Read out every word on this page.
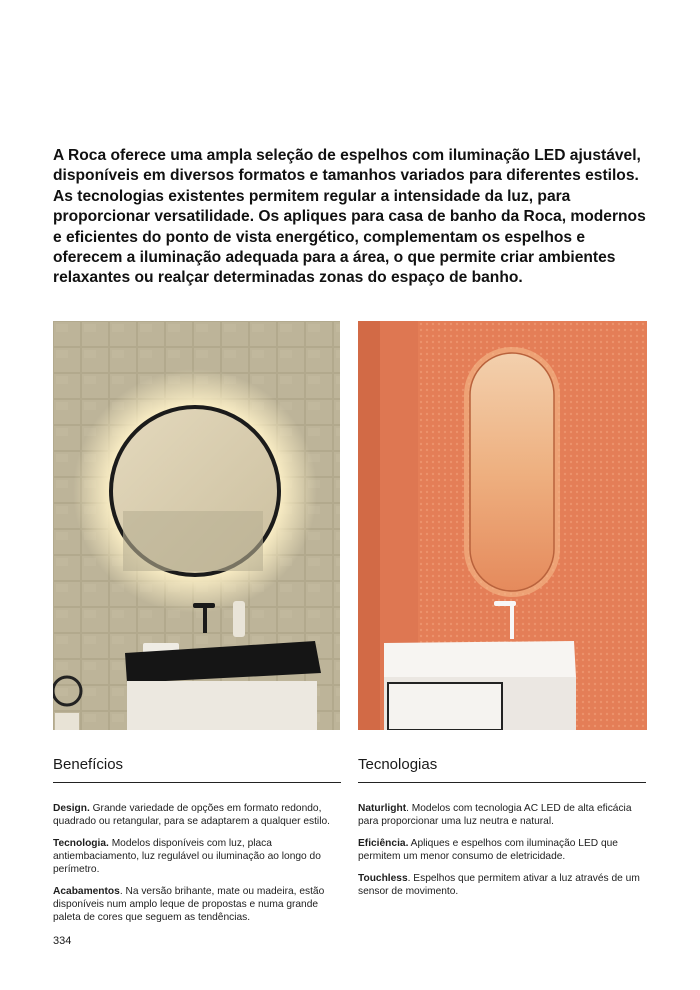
A Roca oferece uma ampla seleção de espelhos com iluminação LED ajustável, disponíveis em diversos formatos e tamanhos variados para diferentes estilos. As tecnologias existentes permitem regular a intensidade da luz, para proporcionar versatilidade. Os apliques para casa de banho da Roca, modernos e eficientes do ponto de vista energético, complementam os espelhos e oferecem a iluminação adequada para a área, o que permite criar ambientes relaxantes ou realçar determinadas zonas do espaço de banho.

Benefícios

Design. Grande variedade de opções em formato redondo, quadrado ou retangular, para se adaptarem a qualquer estilo.

Tecnologia. Modelos disponíveis com luz, placa antiembaciamento, luz regulável ou iluminação ao longo do perímetro.

Acabamentos. Na versão brihante, mate ou madeira, estão disponíveis num amplo leque de propostas e numa grande paleta de cores que seguem as tendências.

Tecnologias

Naturlight. Modelos com tecnologia AC LED de alta eficácia para proporcionar uma luz neutra e natural.

Eficiência. Apliques e espelhos com iluminação LED que permitem um menor consumo de eletricidade.

Touchless. Espelhos que permitem ativar a luz através de um sensor de movimento.

334
